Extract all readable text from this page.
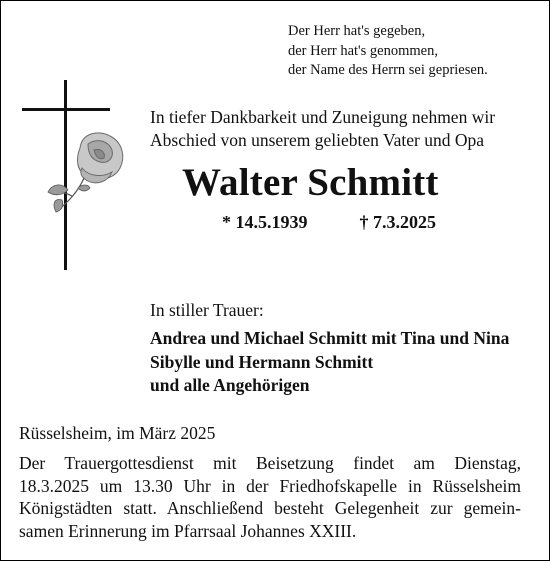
Der Herr hat's gegeben,
der Herr hat's genommen,
der Name des Herrn sei gepriesen.
In tiefer Dankbarkeit und Zuneigung nehmen wir
Abschied von unserem geliebten Vater und Opa
Walter Schmitt
* 14.5.1939	† 7.3.2025
In stiller Trauer:
Andrea und Michael Schmitt mit Tina und Nina
Sibylle und Hermann Schmitt
und alle Angehörigen
Rüsselsheim, im März 2025
Der Trauergottesdienst mit Beisetzung findet am Dienstag,
18.3.2025 um 13.30 Uhr in der Friedhofskapelle in Rüsselsheim
Königstädten statt. Anschließend besteht Gelegenheit zur gemein-
samen Erinnerung im Pfarrsaal Johannes XXIII.
